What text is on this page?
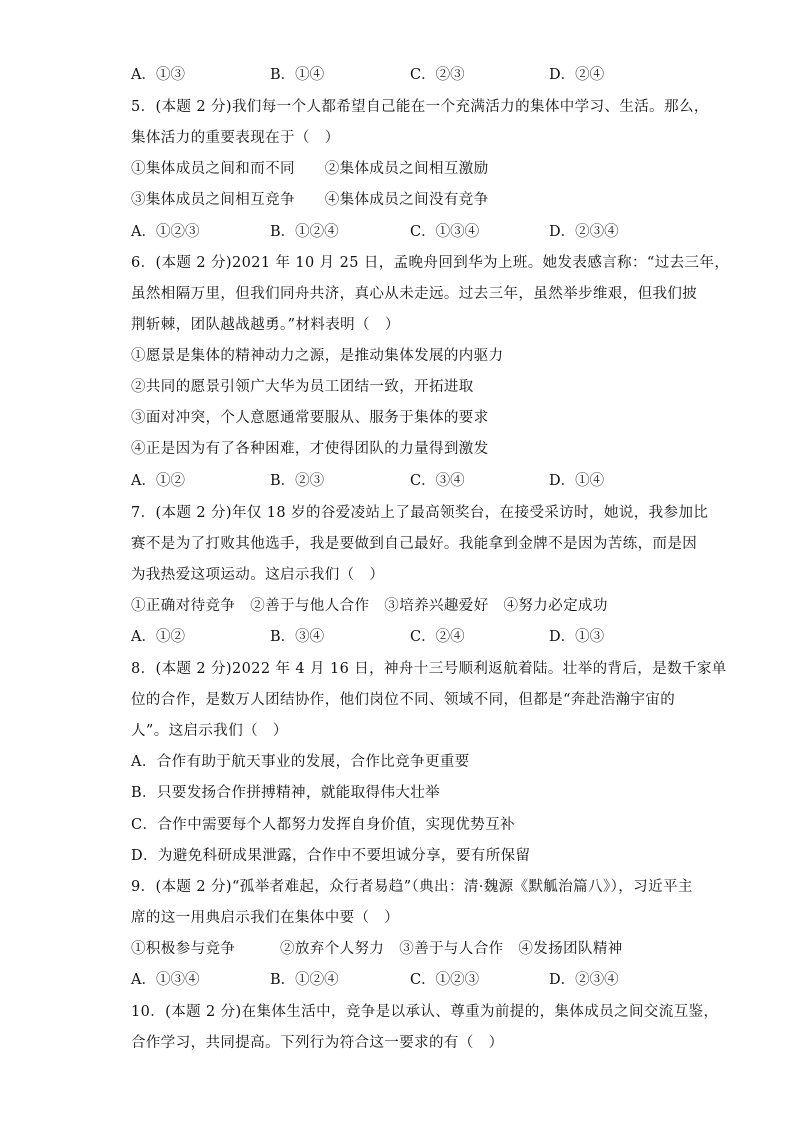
A．①③	B．①④	C．②③	D．②④
5．(本题 2 分)我们每一个人都希望自己能在一个充满活力的集体中学习、生活。那么，
集体活力的重要表现在于（　）
①集体成员之间和而不同　　②集体成员之间相互激励
③集体成员之间相互竞争　　④集体成员之间没有竞争
A．①②③	B．①②④	C．①③④	D．②③④
6．(本题 2 分)2021 年 10 月 25 日，孟晚舟回到华为上班。她发表感言称：“过去三年，
虽然相隔万里，但我们同舟共济，真心从未走远。过去三年，虽然举步维艰，但我们披
荆斩棘，团队越战越勇。”材料表明（　）
①愿景是集体的精神动力之源，是推动集体发展的内驱力
②共同的愿景引领广大华为员工团结一致，开拓进取
③面对冲突，个人意愿通常要服从、服务于集体的要求
④正是因为有了各种困难，才使得团队的力量得到激发
A．①②	B．②③	C．③④	D．①④
7．(本题 2 分)年仅 18 岁的谷爱凌站上了最高领奖台，在接受采访时，她说，我参加比
赛不是为了打败其他选手，我是要做到自己最好。我能拿到金牌不是因为苦练，而是因
为我热爱这项运动。这启示我们（　）
①正确对待竞争　②善于与他人合作　③培养兴趣爱好　④努力必定成功
A．①②	B．③④	C．②④	D．①③
8．(本题 2 分)2022 年 4 月 16 日，神舟十三号顺利返航着陆。壮举的背后，是数千家单
位的合作，是数万人团结协作，他们岗位不同、领域不同，但都是“奔赴浩瀚宇宙的
人”。这启示我们（　）
A．合作有助于航天事业的发展，合作比竞争更重要
B．只要发扬合作拼搏精神，就能取得伟大壮举
C．合作中需要每个人都努力发挥自身价值，实现优势互补
D．为避免科研成果泄露，合作中不要坦诚分享，要有所保留
9．(本题 2 分)“孤举者难起，众行者易趋”（典出：清·魏源《默觚治篇八》），习近平主
席的这一用典启示我们在集体中要（　）
①积极参与竞争　　　②放弃个人努力　③善于与人合作　④发扬团队精神
A．①③④	B．①②④	C．①②③	D．②③④
10．(本题 2 分)在集体生活中，竞争是以承认、尊重为前提的，集体成员之间交流互鉴，
合作学习，共同提高。下列行为符合这一要求的有（　）
